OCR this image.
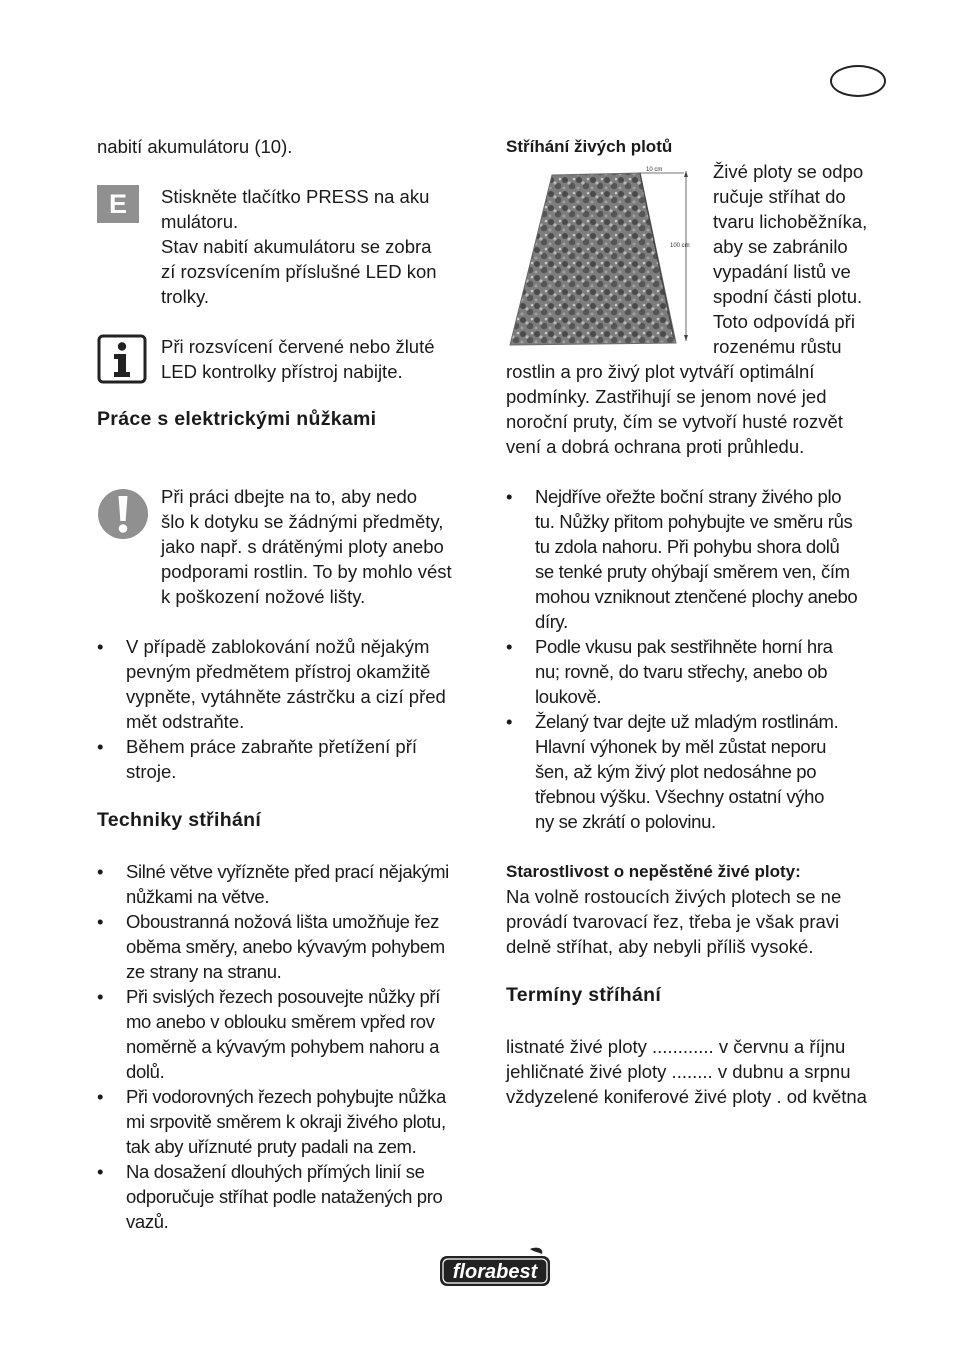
nabití akumulátoru (10).
E	Stiskněte tlačítko PRESS na aku
mulátoru.
Stav nabití akumulátoru se zobra
zí rozsvícením příslušné LED kon
trolky.
Při rozsvícení červené nebo žluté
LED kontrolky přístroj nabijte.
Práce s elektrickými nůžkami
Při práci dbejte na to, aby nedo
šlo k dotyku se žádnými předměty,
jako např. s drátěnými ploty anebo
podporami rostlin. To by mohlo vést
k poškození nožové lišty.
• V případě zablokování nožů nějakým
pevným předmětem přístroj okamžitě
vypněte, vytáhněte zástrčku a cizí před
mět odstraňte.
• Během práce zabraňte přetížení pří
stroje.
Techniky střihání
• Silné větve vyřízněte před prací nějakými
nůžkami na větve.
• Oboustranná nožová lišta umožňuje řez
oběma směry, anebo kývavým pohybem
ze strany na stranu.
• Při svislých řezech posouvejte nůžky pří
mo anebo v oblouku směrem vpřed rov
noměrně a kývavým pohybem nahoru a
dolů.
• Při vodorovných řezech pohybujte nůžka
mi srpovitě směrem k okraji živého plotu,
tak aby uříznuté pruty padali na zem.
• Na dosažení dlouhých přímých linií se
odporučuje stříhat podle natažených pro
vazů.
Stříhání živých plotů
10 cm
100 cm
Živé ploty se odpo
ručuje stříhat do
tvaru lichoběžníka,
aby se zabránilo
vypadání listů ve
spodní části plotu.
Toto odpovídá při
rozenému růstu
rostlin a pro živý plot vytváří optimální
podmínky. Zastřihují se jenom nové jed
noroční pruty, čím se vytvoří husté rozvět
vení a dobrá ochrana proti průhledu.
• Nejdříve ořežte boční strany živého plo
tu. Nůžky přitom pohybujte ve směru růs
tu zdola nahoru. Při pohybu shora dolů
se tenké pruty ohýbají směrem ven, čím
mohou vzniknout ztenčené plochy anebo
díry.
• Podle vkusu pak sestřihněte horní hra
nu; rovně, do tvaru střechy, anebo ob
loukově.
• Želaný tvar dejte už mladým rostlinám.
Hlavní výhonek by měl zůstat neporu
šen, až kým živý plot nedosáhne po
třebnou výšku. Všechny ostatní výho
ny se zkrátí o polovinu.
Starostlivost o nepěstěné živé ploty:
Na volně rostoucích živých plotech se ne
provádí tvarovací řez, třeba je však pravi
delně stříhat, aby nebyli příliš vysoké.
Termíny stříhání
listnaté živé ploty ............ v červnu a říjnu
jehličnaté živé ploty ........ v dubnu a srpnu
vždyzelené koniferové živé ploty . od května
florabest
